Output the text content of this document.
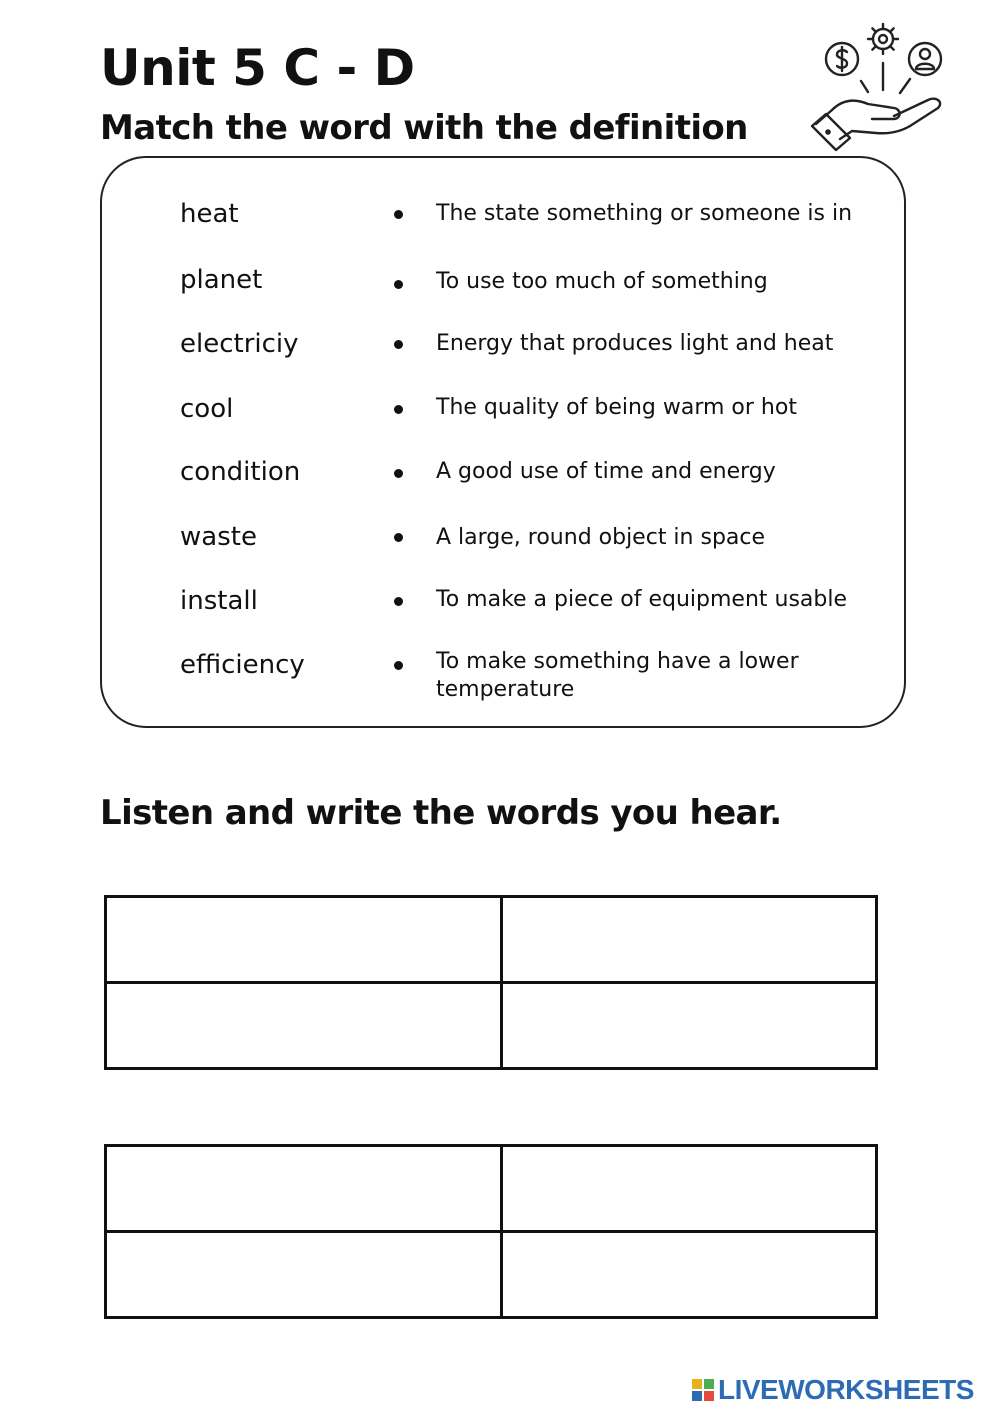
Unit 5 C - D
Match the word with the definition
heat	The state something or someone is in
planet	To use too much of something
electriciy	Energy that produces light and heat
cool	The quality of being warm or hot
condition	A good use of time and energy
waste	A large, round object in space
install	To make a piece of equipment usable
efficiency	To make something have a lower temperature
Listen and write the words you hear.

LIVEWORKSHEETS
